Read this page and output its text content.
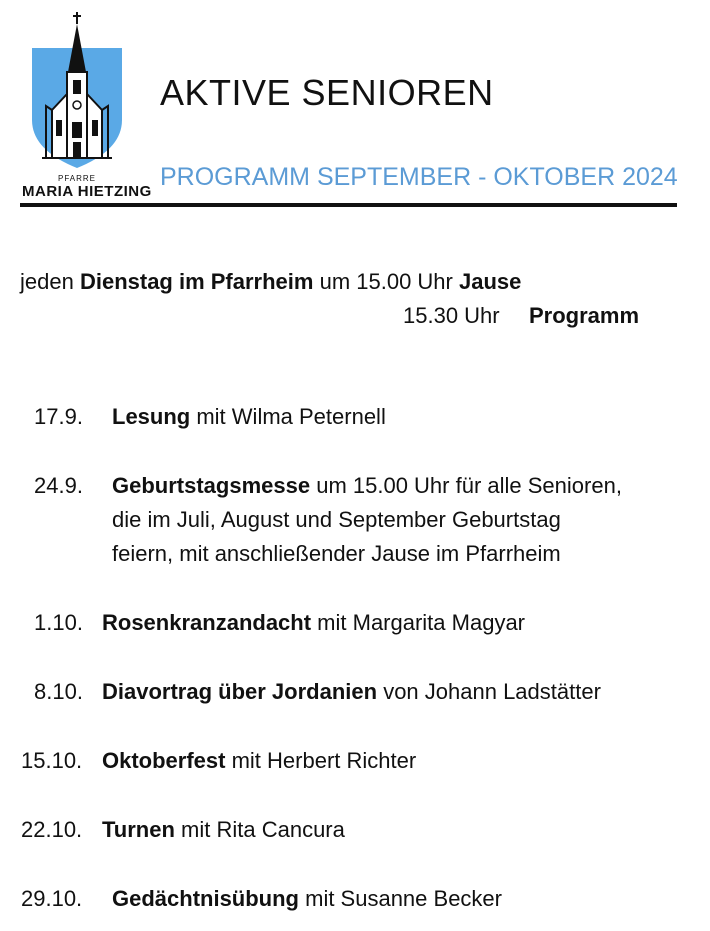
PFARRE
MARIA HIETZING
AKTIVE SENIOREN
PROGRAMM SEPTEMBER - OKTOBER 2024
jeden Dienstag im Pfarrheim um 15.00 Uhr Jause
15.30 Uhr Programm
17.9. Lesung mit Wilma Peternell
24.9. Geburtstagsmesse um 15.00 Uhr für alle Senioren,
die im Juli, August und September Geburtstag
feiern, mit anschließender Jause im Pfarrheim
1.10. Rosenkranzandacht mit Margarita Magyar
8.10. Diavortrag über Jordanien von Johann Ladstätter
15.10. Oktoberfest mit Herbert Richter
22.10. Turnen mit Rita Cancura
29.10. Gedächtnisübung mit Susanne Becker
